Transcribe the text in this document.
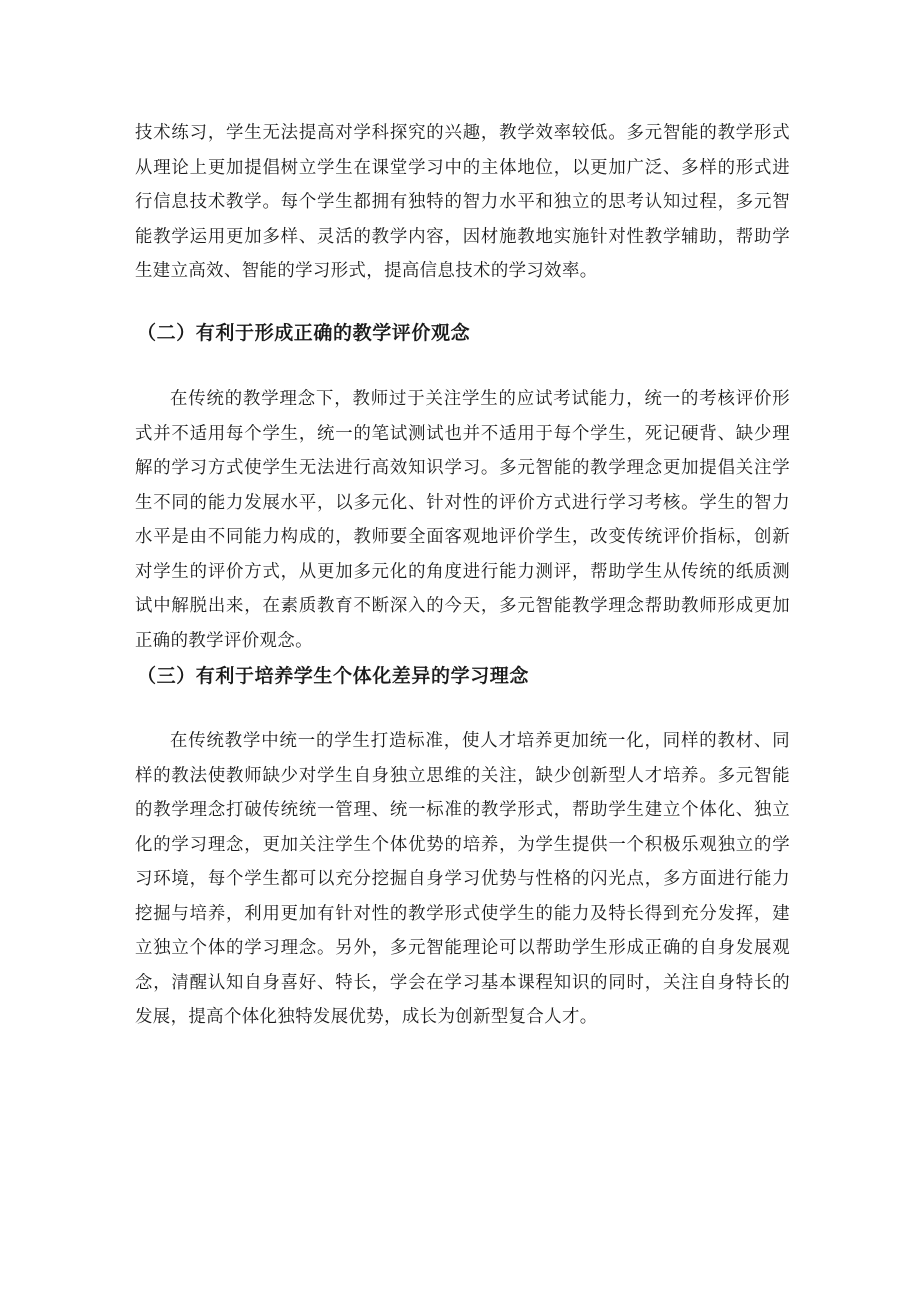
技术练习，学生无法提高对学科探究的兴趣，教学效率较低。多元智能的教学形式从理论上更加提倡树立学生在课堂学习中的主体地位，以更加广泛、多样的形式进行信息技术教学。每个学生都拥有独特的智力水平和独立的思考认知过程，多元智能教学运用更加多样、灵活的教学内容，因材施教地实施针对性教学辅助，帮助学生建立高效、智能的学习形式，提高信息技术的学习效率。

（二）有利于形成正确的教学评价观念

在传统的教学理念下，教师过于关注学生的应试考试能力，统一的考核评价形式并不适用每个学生，统一的笔试测试也并不适用于每个学生，死记硬背、缺少理解的学习方式使学生无法进行高效知识学习。多元智能的教学理念更加提倡关注学生不同的能力发展水平，以多元化、针对性的评价方式进行学习考核。学生的智力水平是由不同能力构成的，教师要全面客观地评价学生，改变传统评价指标，创新对学生的评价方式，从更加多元化的角度进行能力测评，帮助学生从传统的纸质测试中解脱出来，在素质教育不断深入的今天，多元智能教学理念帮助教师形成更加正确的教学评价观念。

（三）有利于培养学生个体化差异的学习理念

在传统教学中统一的学生打造标准，使人才培养更加统一化，同样的教材、同样的教法使教师缺少对学生自身独立思维的关注，缺少创新型人才培养。多元智能的教学理念打破传统统一管理、统一标准的教学形式，帮助学生建立个体化、独立化的学习理念，更加关注学生个体优势的培养，为学生提供一个积极乐观独立的学习环境，每个学生都可以充分挖掘自身学习优势与性格的闪光点，多方面进行能力挖掘与培养，利用更加有针对性的教学形式使学生的能力及特长得到充分发挥，建立独立个体的学习理念。另外，多元智能理论可以帮助学生形成正确的自身发展观念，清醒认知自身喜好、特长，学会在学习基本课程知识的同时，关注自身特长的发展，提高个体化独特发展优势，成长为创新型复合人才。
